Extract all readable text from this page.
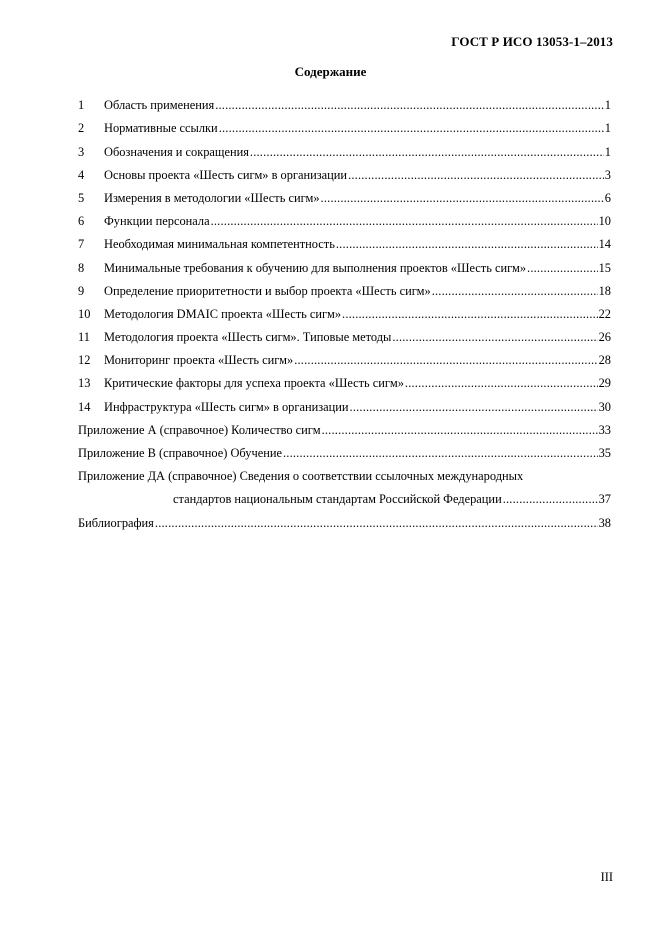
ГОСТ Р ИСО 13053-1–2013
Содержание
1	Область применения .....	1
2	Нормативные ссылки .....	1
3	Обозначения и сокращения .....	1
4	Основы проекта «Шесть сигм» в организации .....	3
5	Измерения в методологии «Шесть сигм» .....	6
6	Функции персонала .....	10
7	Необходимая минимальная компетентность .....	14
8	Минимальные требования к обучению для выполнения проектов «Шесть сигм» .....	15
9	Определение приоритетности и выбор проекта «Шесть сигм» .....	18
10	Методология DMAIC проекта «Шесть сигм» .....	22
11	Методология проекта «Шесть сигм». Типовые методы .....	26
12	Мониторинг проекта «Шесть сигм» .....	28
13	Критические факторы для успеха проекта «Шесть сигм» .....	29
14	Инфраструктура «Шесть сигм» в организации .....	30
Приложение А (справочное) Количество сигм .....	33
Приложение В (справочное) Обучение .....	35
Приложение ДА (справочное) Сведения о соответствии ссылочных международных
стандартов национальным стандартам Российской Федерации .....	37
Библиография .....	38
III
